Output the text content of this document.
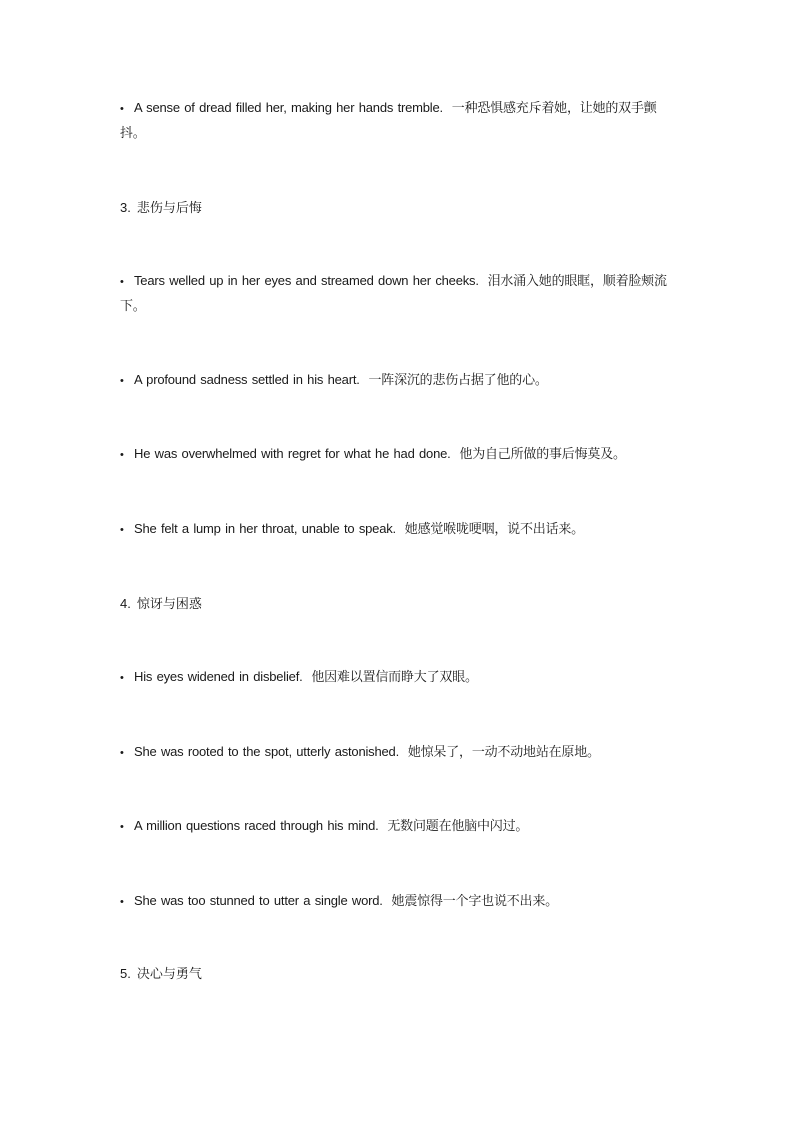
• A sense of dread filled her, making her hands tremble. 一种恐惧感充斥着她，让她的双手颤抖。

3. 悲伤与后悔

• Tears welled up in her eyes and streamed down her cheeks. 泪水涌入她的眼眶，顺着脸颊流下。

• A profound sadness settled in his heart. 一阵深沉的悲伤占据了他的心。

• He was overwhelmed with regret for what he had done. 他为自己所做的事后悔莫及。

• She felt a lump in her throat, unable to speak. 她感觉喉咙哽咽，说不出话来。

4. 惊讶与困惑

• His eyes widened in disbelief. 他因难以置信而睁大了双眼。

• She was rooted to the spot, utterly astonished. 她惊呆了，一动不动地站在原地。

• A million questions raced through his mind. 无数问题在他脑中闪过。

• She was too stunned to utter a single word. 她震惊得一个字也说不出来。

5. 决心与勇气
